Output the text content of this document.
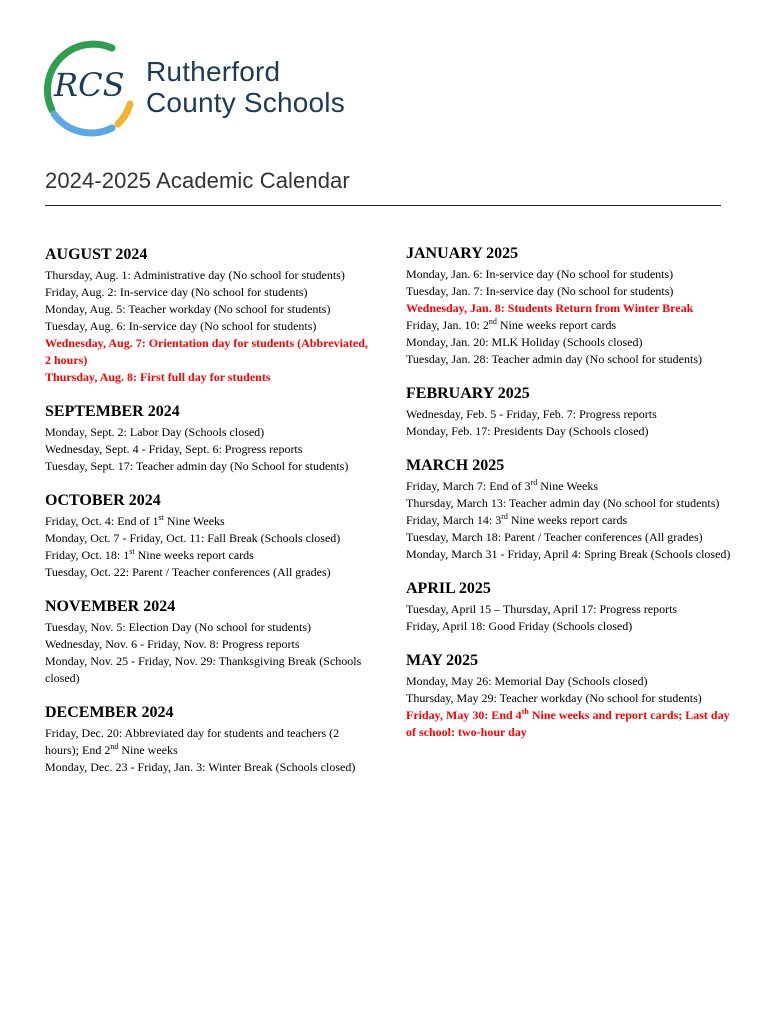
RCS Rutherford
County Schools
2024-2025 Academic Calendar
AUGUST 2024
Thursday, Aug. 1: Administrative day (No school for students)
Friday, Aug. 2: In-service day (No school for students)
Monday, Aug. 5: Teacher workday (No school for students)
Tuesday, Aug. 6: In-service day (No school for students)
Wednesday, Aug. 7: Orientation day for students (Abbreviated, 2 hours)
Thursday, Aug. 8: First full day for students
SEPTEMBER 2024
Monday, Sept. 2: Labor Day (Schools closed)
Wednesday, Sept. 4 - Friday, Sept. 6: Progress reports
Tuesday, Sept. 17: Teacher admin day (No School for students)
OCTOBER 2024
Friday, Oct. 4: End of 1st Nine Weeks
Monday, Oct. 7 - Friday, Oct. 11: Fall Break (Schools closed)
Friday, Oct. 18: 1st Nine weeks report cards
Tuesday, Oct. 22: Parent / Teacher conferences (All grades)
NOVEMBER 2024
Tuesday, Nov. 5: Election Day (No school for students)
Wednesday, Nov. 6 - Friday, Nov. 8: Progress reports
Monday, Nov. 25 - Friday, Nov. 29: Thanksgiving Break (Schools closed)
DECEMBER 2024
Friday, Dec. 20: Abbreviated day for students and teachers (2 hours); End 2nd Nine weeks
Monday, Dec. 23 - Friday, Jan. 3: Winter Break (Schools closed)
JANUARY 2025
Monday, Jan. 6: In-service day (No school for students)
Tuesday, Jan. 7: In-service day (No school for students)
Wednesday, Jan. 8: Students Return from Winter Break
Friday, Jan. 10: 2nd Nine weeks report cards
Monday, Jan. 20: MLK Holiday (Schools closed)
Tuesday, Jan. 28: Teacher admin day (No school for students)
FEBRUARY 2025
Wednesday, Feb. 5 - Friday, Feb. 7: Progress reports
Monday, Feb. 17: Presidents Day (Schools closed)
MARCH 2025
Friday, March 7: End of 3rd Nine Weeks
Thursday, March 13: Teacher admin day (No school for students)
Friday, March 14: 3rd Nine weeks report cards
Tuesday, March 18: Parent / Teacher conferences (All grades)
Monday, March 31 - Friday, April 4: Spring Break (Schools closed)
APRIL 2025
Tuesday, April 15 – Thursday, April 17: Progress reports
Friday, April 18: Good Friday (Schools closed)
MAY 2025
Monday, May 26: Memorial Day (Schools closed)
Thursday, May 29: Teacher workday (No school for students)
Friday, May 30: End 4th Nine weeks and report cards; Last day of school: two-hour day
